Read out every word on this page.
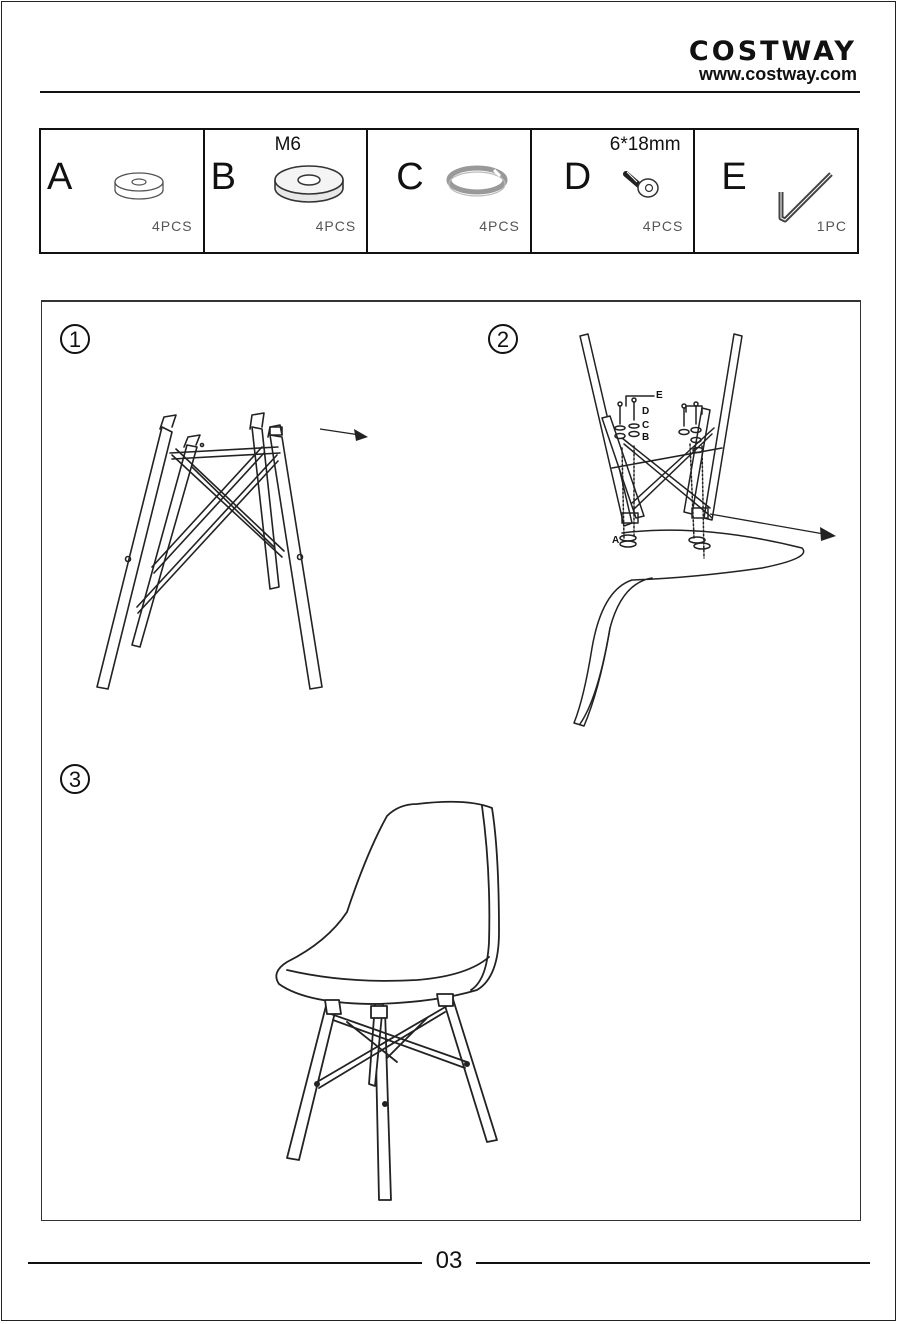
COSTWAY
www.costway.com
A
4PCS
B
M6
4PCS
C
4PCS
D
6*18mm
4PCS
E
1PC
1	2
E
D
C
B
A
3
03
